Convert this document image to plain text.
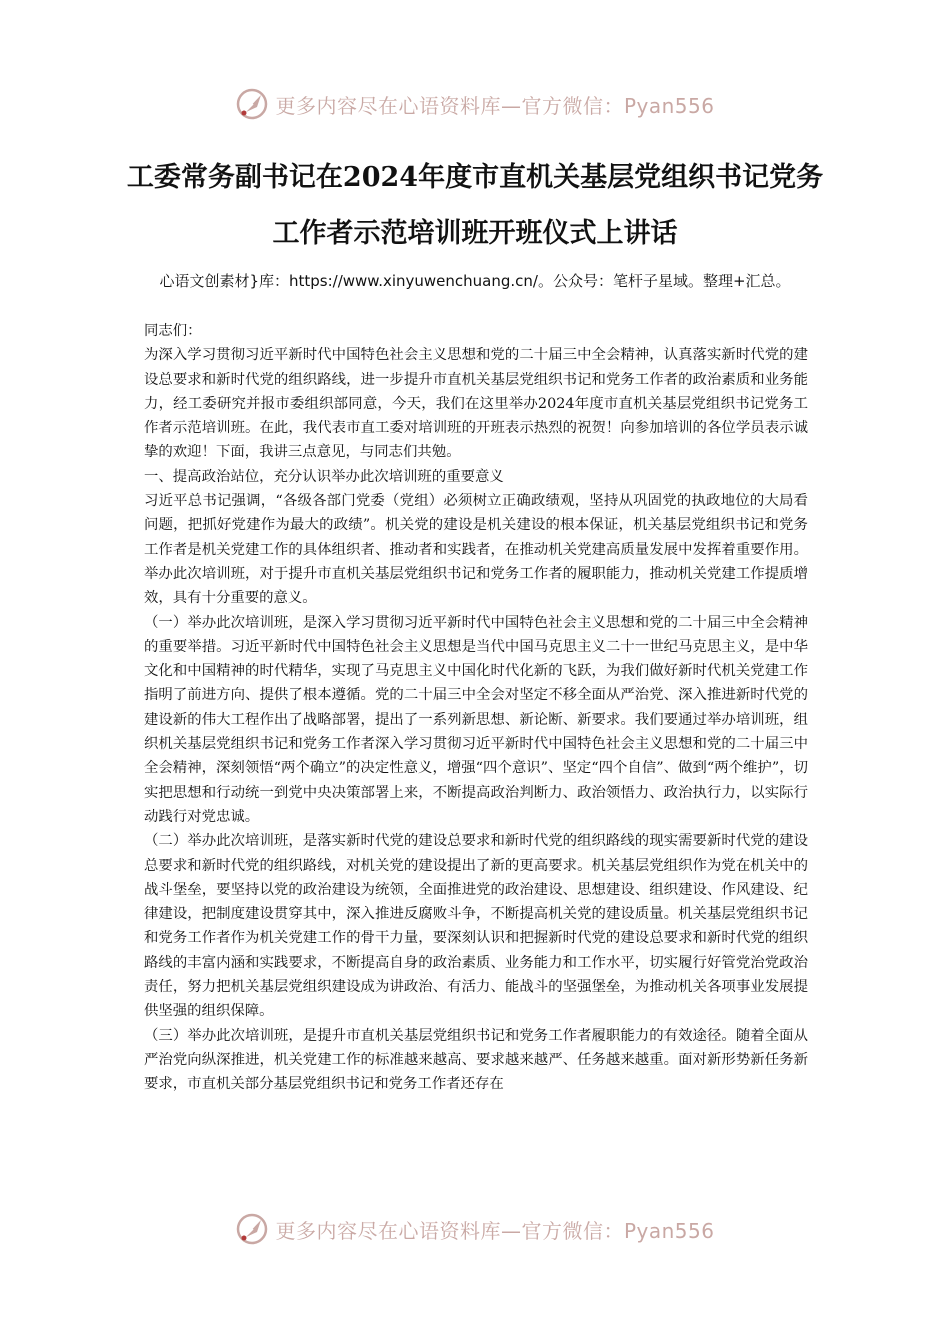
更多内容尽在心语资料库—官方微信：Pyan556
工委常务副书记在2024年度市直机关基层党组织书记党务工作者示范培训班开班仪式上讲话
心语文创素材}库：https://www.xinyuwenchuang.cn/。公众号：笔杆子星域。整理+汇总。

同志们：

为深入学习贯彻习近平新时代中国特色社会主义思想和党的二十届三中全会精神，认真落实新时代党的建设总要求和新时代党的组织路线，进一步提升市直机关基层党组织书记和党务工作者的政治素质和业务能力，经工委研究并报市委组织部同意，今天，我们在这里举办2024年度市直机关基层党组织书记党务工作者示范培训班。在此，我代表市直工委对培训班的开班表示热烈的祝贺！向参加培训的各位学员表示诚挚的欢迎！下面，我讲三点意见，与同志们共勉。

一、提高政治站位，充分认识举办此次培训班的重要意义

习近平总书记强调，“各级各部门党委（党组）必须树立正确政绩观，坚持从巩固党的执政地位的大局看问题，把抓好党建作为最大的政绩”。机关党的建设是机关建设的根本保证，机关基层党组织书记和党务工作者是机关党建工作的具体组织者、推动者和实践者，在推动机关党建高质量发展中发挥着重要作用。举办此次培训班，对于提升市直机关基层党组织书记和党务工作者的履职能力，推动机关党建工作提质增效，具有十分重要的意义。

（一）举办此次培训班，是深入学习贯彻习近平新时代中国特色社会主义思想和党的二十届三中全会精神的重要举措。习近平新时代中国特色社会主义思想是当代中国马克思主义二十一世纪马克思主义，是中华文化和中国精神的时代精华，实现了马克思主义中国化时代化新的飞跃，为我们做好新时代机关党建工作指明了前进方向、提供了根本遵循。党的二十届三中全会对坚定不移全面从严治党、深入推进新时代党的建设新的伟大工程作出了战略部署，提出了一系列新思想、新论断、新要求。我们要通过举办培训班，组织机关基层党组织书记和党务工作者深入学习贯彻习近平新时代中国特色社会主义思想和党的二十届三中全会精神，深刻领悟“两个确立”的决定性意义，增强“四个意识”、坚定“四个自信”、做到“两个维护”，切实把思想和行动统一到党中央决策部署上来，不断提高政治判断力、政治领悟力、政治执行力，以实际行动践行对党忠诚。

（二）举办此次培训班，是落实新时代党的建设总要求和新时代党的组织路线的现实需要新时代党的建设总要求和新时代党的组织路线，对机关党的建设提出了新的更高要求。机关基层党组织作为党在机关中的战斗堡垒，要坚持以党的政治建设为统领，全面推进党的政治建设、思想建设、组织建设、作风建设、纪律建设，把制度建设贯穿其中，深入推进反腐败斗争，不断提高机关党的建设质量。机关基层党组织书记和党务工作者作为机关党建工作的骨干力量，要深刻认识和把握新时代党的建设总要求和新时代党的组织路线的丰富内涵和实践要求，不断提高自身的政治素质、业务能力和工作水平，切实履行好管党治党政治责任，努力把机关基层党组织建设成为讲政治、有活力、能战斗的坚强堡垒，为推动机关各项事业发展提供坚强的组织保障。

（三）举办此次培训班，是提升市直机关基层党组织书记和党务工作者履职能力的有效途径。随着全面从严治党向纵深推进，机关党建工作的标准越来越高、要求越来越严、任务越来越重。面对新形势新任务新要求，市直机关部分基层党组织书记和党务工作者还存在

更多内容尽在心语资料库—官方微信：Pyan556
